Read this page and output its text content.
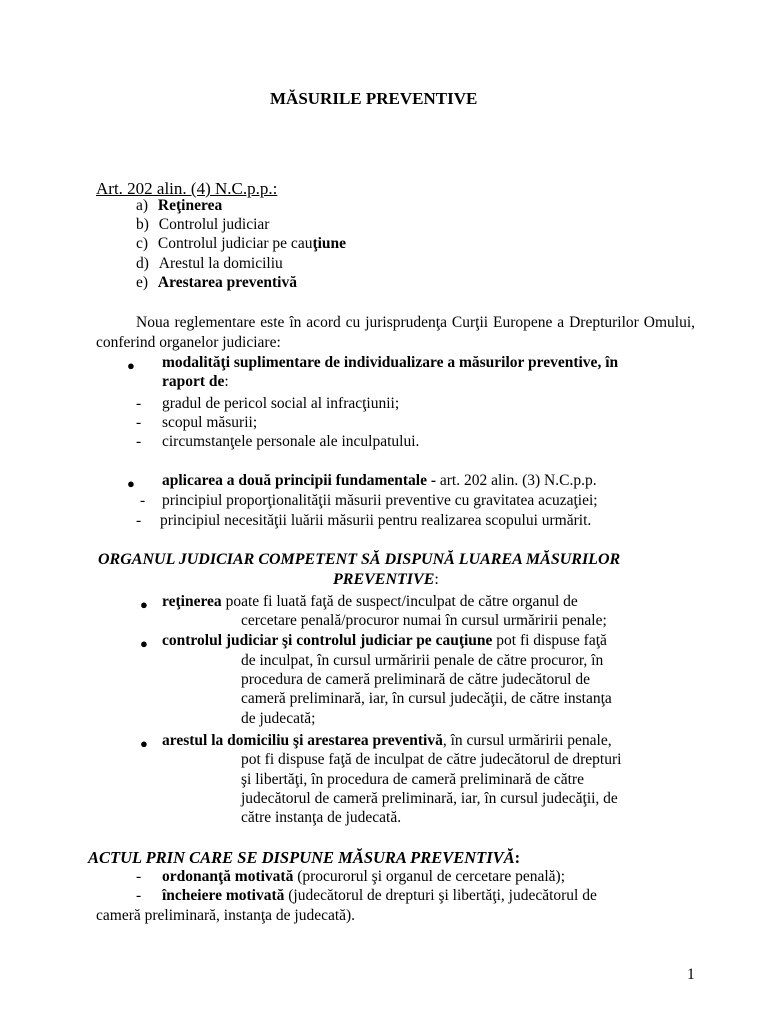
MĂSURILE PREVENTIVE
Art. 202 alin. (4) N.C.p.p.:
a) Reţinerea
b) Controlul judiciar
c) Controlul judiciar pe cauţiune
d) Arestul la domiciliu
e) Arestarea preventivă
Noua reglementare este în acord cu jurisprudenţa Curţii Europene a Drepturilor Omului, conferind organelor judiciare:
● modalităţi suplimentare de individualizare a măsurilor preventive, în
raport de:
- gradul de pericol social al infracţiunii;
- scopul măsurii;
- circumstanţele personale ale inculpatului.
● aplicarea a două principii fundamentale - art. 202 alin. (3) N.C.p.p.
- principiul proporţionalităţii măsurii preventive cu gravitatea acuzaţiei;
- principiul necesităţii luării măsurii pentru realizarea scopului urmărit.
ORGANUL JUDICIAR COMPETENT SĂ DISPUNĂ LUAREA MĂSURILOR
PREVENTIVE:
● reţinerea poate fi luată faţă de suspect/inculpat de către organul de
cercetare penală/procuror numai în cursul urmăririi penale;
● controlul judiciar şi controlul judiciar pe cauţiune pot fi dispuse faţă
de inculpat, în cursul urmăririi penale de către procuror, în
procedura de cameră preliminară de către judecătorul de
cameră preliminară, iar, în cursul judecăţii, de către instanţa
de judecată;
● arestul la domiciliu şi arestarea preventivă, în cursul urmăririi penale,
pot fi dispuse faţă de inculpat de către judecătorul de drepturi
şi libertăţi, în procedura de cameră preliminară de către
judecătorul de cameră preliminară, iar, în cursul judecăţii, de
către instanţa de judecată.
ACTUL PRIN CARE SE DISPUNE MĂSURA PREVENTIVĂ:
- ordonanţă motivată (procurorul şi organul de cercetare penală);
- încheiere motivată (judecătorul de drepturi şi libertăţi, judecătorul de
cameră preliminară, instanţa de judecată).
1
